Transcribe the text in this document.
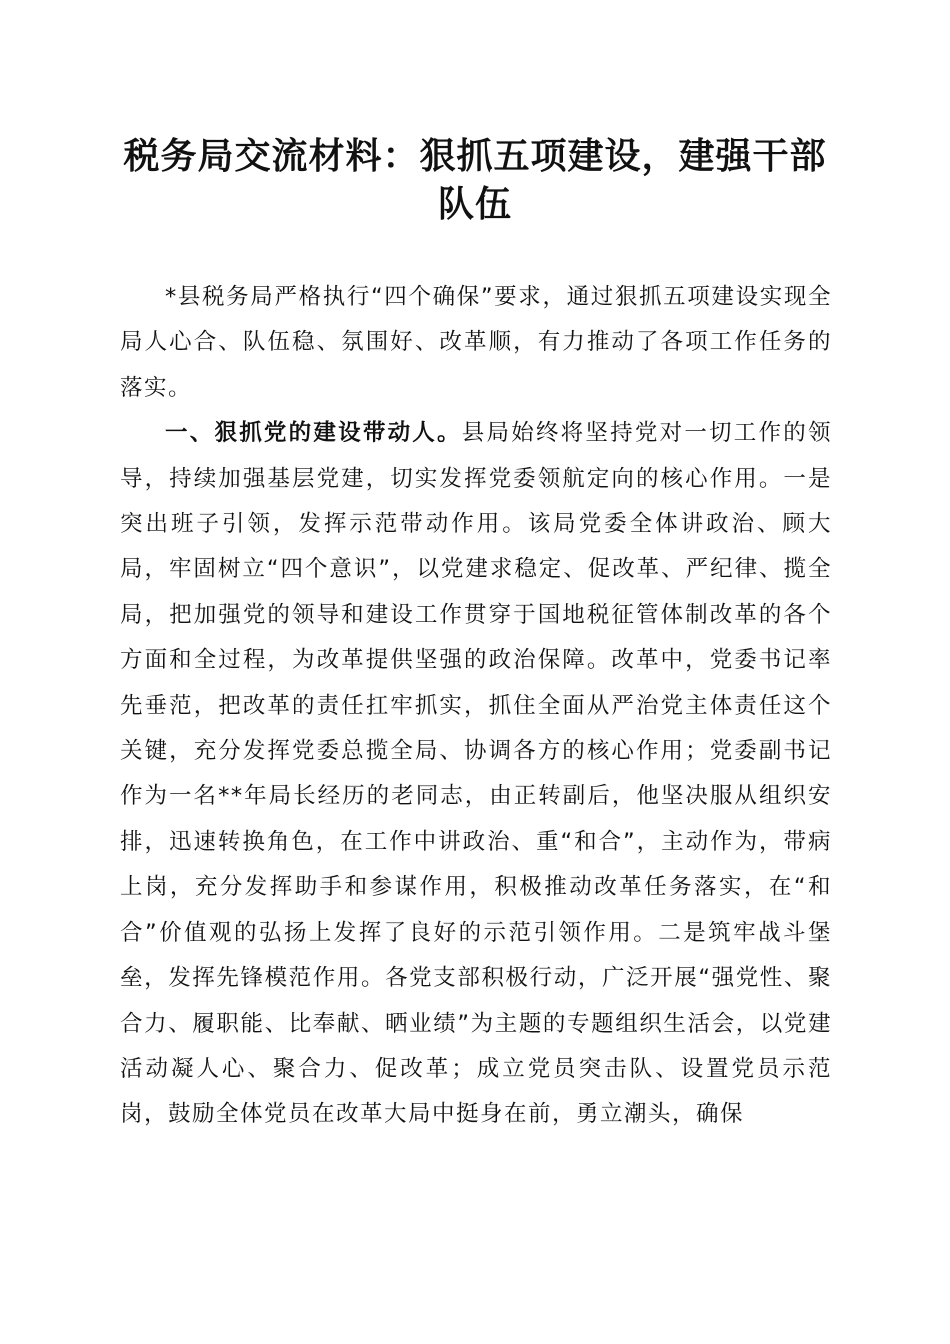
税务局交流材料：狠抓五项建设，建强干部队伍

*县税务局严格执行“四个确保”要求，通过狠抓五项建设实现全局人心合、队伍稳、氛围好、改革顺，有力推动了各项工作任务的落实。

一、狠抓党的建设带动人。县局始终将坚持党对一切工作的领导，持续加强基层党建，切实发挥党委领航定向的核心作用。一是突出班子引领，发挥示范带动作用。该局党委全体讲政治、顾大局，牢固树立“四个意识”，以党建求稳定、促改革、严纪律、揽全局，把加强党的领导和建设工作贯穿于国地税征管体制改革的各个方面和全过程，为改革提供坚强的政治保障。改革中，党委书记率先垂范，把改革的责任扛牢抓实，抓住全面从严治党主体责任这个关键，充分发挥党委总揽全局、协调各方的核心作用；党委副书记作为一名**年局长经历的老同志，由正转副后，他坚决服从组织安排，迅速转换角色，在工作中讲政治、重“和合”，主动作为，带病上岗，充分发挥助手和参谋作用，积极推动改革任务落实，在“和合”价值观的弘扬上发挥了良好的示范引领作用。二是筑牢战斗堡垒，发挥先锋模范作用。各党支部积极行动，广泛开展“强党性、聚合力、履职能、比奉献、晒业绩”为主题的专题组织生活会，以党建活动凝人心、聚合力、促改革；成立党员突击队、设置党员示范岗，鼓励全体党员在改革大局中挺身在前，勇立潮头，确保
